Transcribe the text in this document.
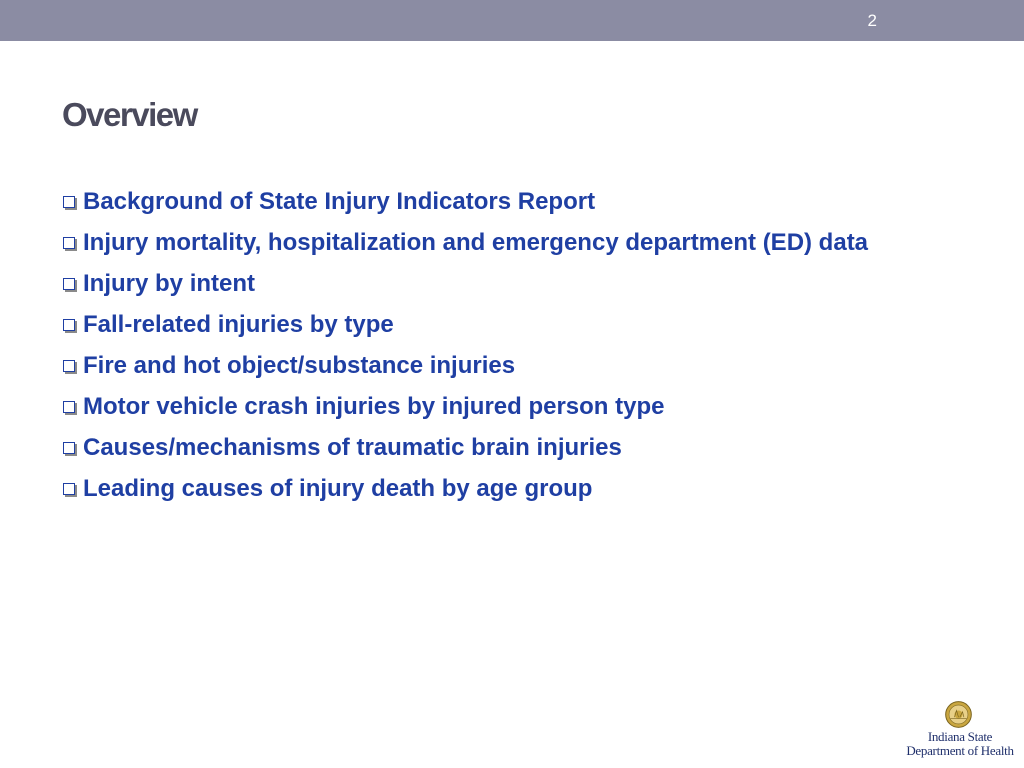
2
Overview
Background of State Injury Indicators Report
Injury mortality, hospitalization and emergency department (ED) data
Injury by intent
Fall-related injuries by type
Fire and hot object/substance injuries
Motor vehicle crash injuries by injured person type
Causes/mechanisms of traumatic brain injuries
Leading causes of injury death by age group
Indiana State
Department of Health
